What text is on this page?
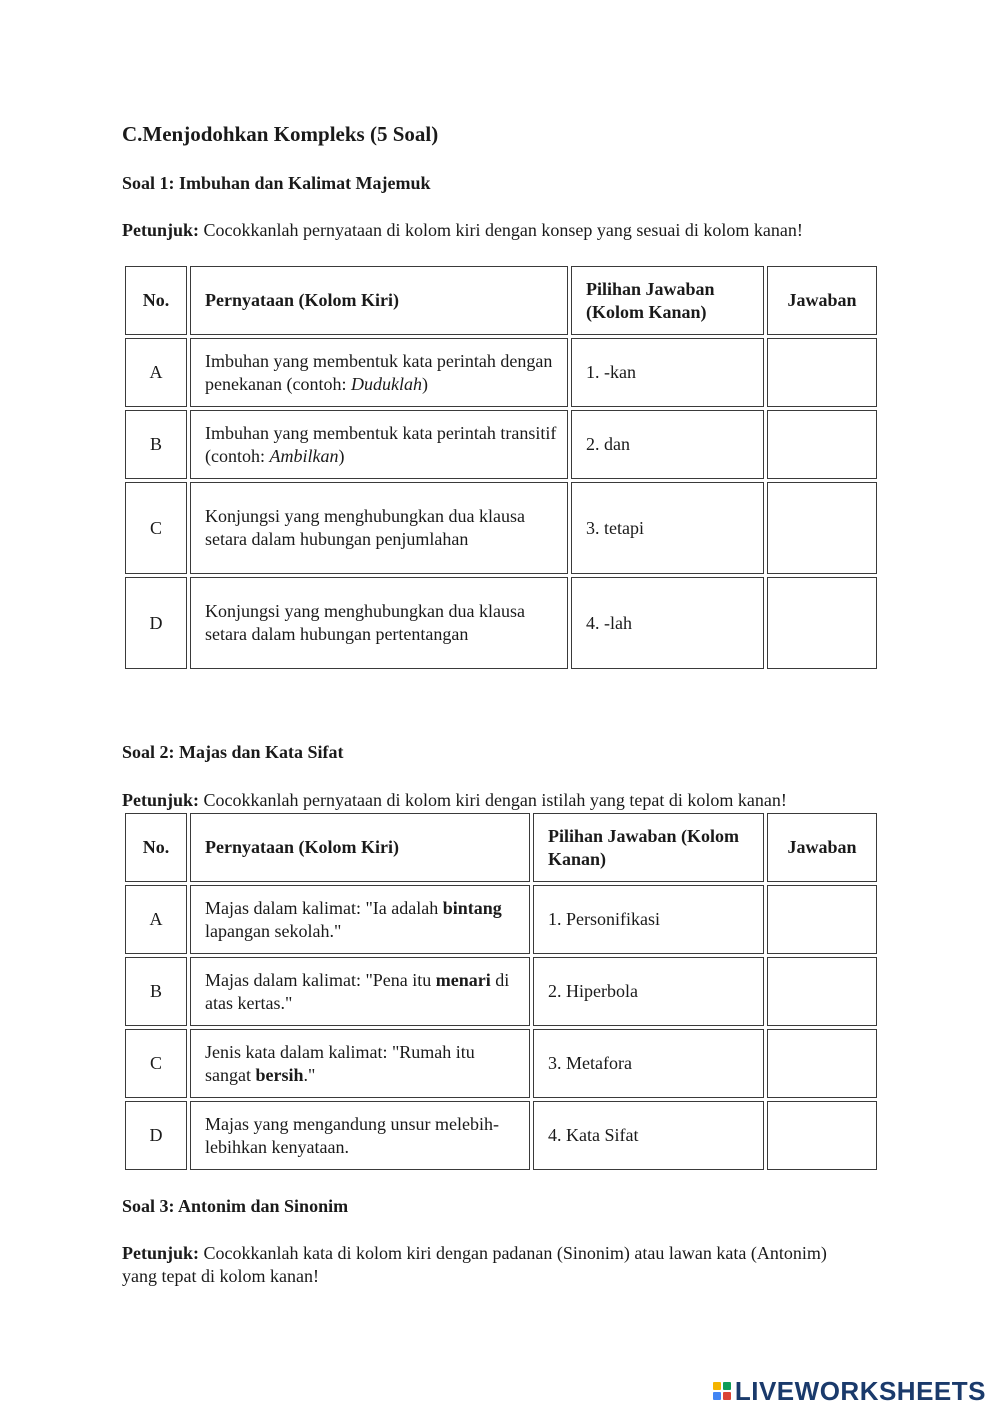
C.Menjodohkan Kompleks (5 Soal)
Soal 1: Imbuhan dan Kalimat Majemuk
Petunjuk: Cocokkanlah pernyataan di kolom kiri dengan konsep yang sesuai di kolom kanan!
No.	Pernyataan (Kolom Kiri)	Pilihan Jawaban (Kolom Kanan)	Jawaban
A	Imbuhan yang membentuk kata perintah dengan penekanan (contoh: Duduklah)	1. -kan	
B	Imbuhan yang membentuk kata perintah transitif (contoh: Ambilkan)	2. dan	
C	Konjungsi yang menghubungkan dua klausa setara dalam hubungan penjumlahan	3. tetapi	
D	Konjungsi yang menghubungkan dua klausa setara dalam hubungan pertentangan	4. -lah	
Soal 2: Majas dan Kata Sifat
Petunjuk: Cocokkanlah pernyataan di kolom kiri dengan istilah yang tepat di kolom kanan!
No.	Pernyataan (Kolom Kiri)	Pilihan Jawaban (Kolom Kanan)	Jawaban
A	Majas dalam kalimat: "Ia adalah bintang lapangan sekolah."	1. Personifikasi	
B	Majas dalam kalimat: "Pena itu menari di atas kertas."	2. Hiperbola	
C	Jenis kata dalam kalimat: "Rumah itu sangat bersih."	3. Metafora	
D	Majas yang mengandung unsur melebih-lebihkan kenyataan.	4. Kata Sifat	
Soal 3: Antonim dan Sinonim
Petunjuk: Cocokkanlah kata di kolom kiri dengan padanan (Sinonim) atau lawan kata (Antonim) yang tepat di kolom kanan!
LIVEWORKSHEETS
